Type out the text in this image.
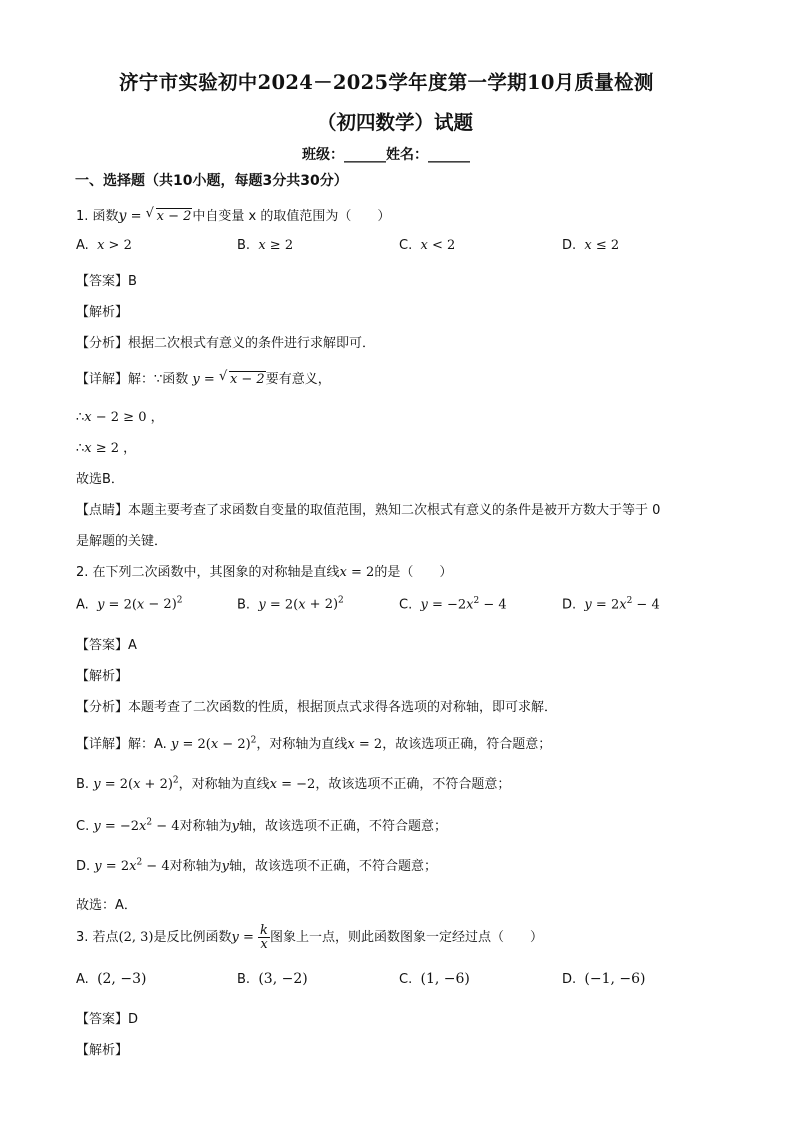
济宁市实验初中2024－2025学年度第一学期10月质量检测
（初四数学）试题
班级：______姓名：______
一、选择题（共10小题，每题3分共30分）
1. 函数y = √ x − 2中自变量 x 的取值范围为（　　）
A. x > 2	B. x ≥ 2	C. x < 2	D. x ≤ 2
【答案】B
【解析】
【分析】根据二次根式有意义的条件进行求解即可．
【详解】解：∵函数 y = √ x − 2要有意义，
∴x − 2 ≥ 0 ，
∴x ≥ 2 ，
故选B．
【点睛】本题主要考查了求函数自变量的取值范围，熟知二次根式有意义的条件是被开方数大于等于 0
是解题的关键．
2. 在下列二次函数中，其图象的对称轴是直线x = 2的是（　　）
A. $y = 2(x - 2)^2$	B. $y = 2(x + 2)^2$	C. $y = -2x^2 - 4$	D. $y = 2x^2 - 4$
【答案】A
【解析】
【分析】本题考查了二次函数的性质，根据顶点式求得各选项的对称轴，即可求解．
【详解】解：A. $y = 2(x - 2)^2$，对称轴为直线x = 2，故该选项正确，符合题意；
B. $y = 2(x + 2)^2$，对称轴为直线x = −2，故该选项不正确，不符合题意；
C. $y = -2x^2 - 4$对称轴为y轴，故该选项不正确，不符合题意；
D. $y = 2x^2 - 4$对称轴为y轴，故该选项不正确，不符合题意；
故选：A．
3. 若点(2, 3)是反比例函数$y = \frac{k}{x}$ 图象上一点，则此函数图象一定经过点（　　）
A. (2, −3)	B. (3, −2)	C. (1, −6)	D. (−1, −6)
【答案】D
【解析】
